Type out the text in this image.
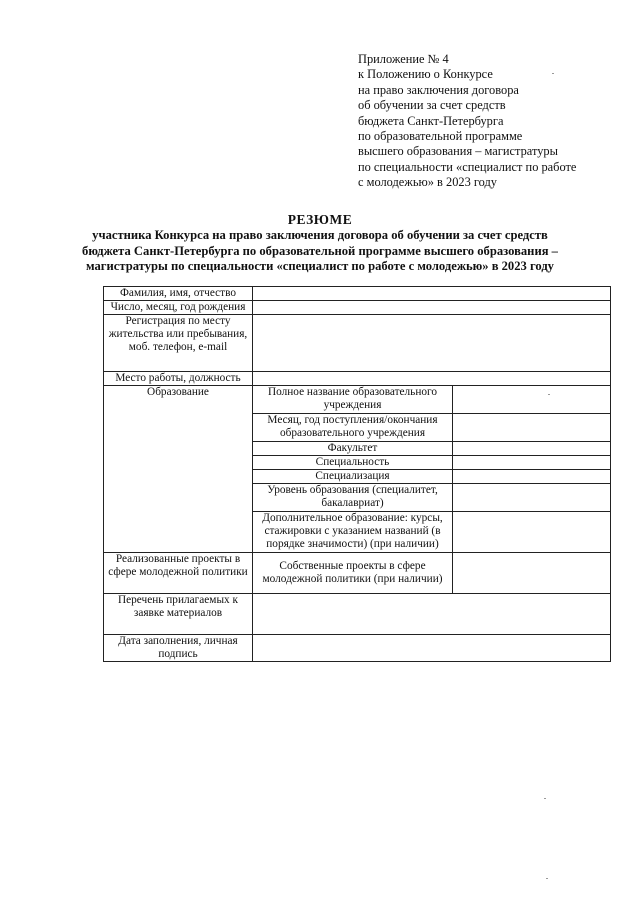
Приложение № 4
к Положению о Конкурсе
на право заключения договора
об обучении за счет средств
бюджета Санкт-Петербурга
по образовательной программе
высшего образования – магистратуры
по специальности «специалист по работе
с молодежью» в 2023 году
РЕЗЮМЕ
участника Конкурса на право заключения договора об обучении за счет средств
бюджета Санкт-Петербурга по образовательной программе высшего образования –
магистратуры по специальности «специалист по работе с молодежью» в 2023 году
Фамилия, имя, отчество		
Число, месяц, год рождения		
Регистрация по месту жительства или пребывания, моб. телефон, e-mail		
Место работы, должность		
Образование	Полное название образовательного учреждения	
	Месяц, год поступления/окончания образовательного учреждения	
	Факультет	
	Специальность	
	Специализация	
	Уровень образования (специалитет, бакалавриат)	
	Дополнительное образование: курсы, стажировки с указанием названий (в порядке значимости) (при наличии)	
Реализованные проекты в сфере молодежной политики	Собственные проекты в сфере молодежной политики (при наличии)	
Перечень прилагаемых к заявке материалов		
Дата заполнения, личная подпись		
